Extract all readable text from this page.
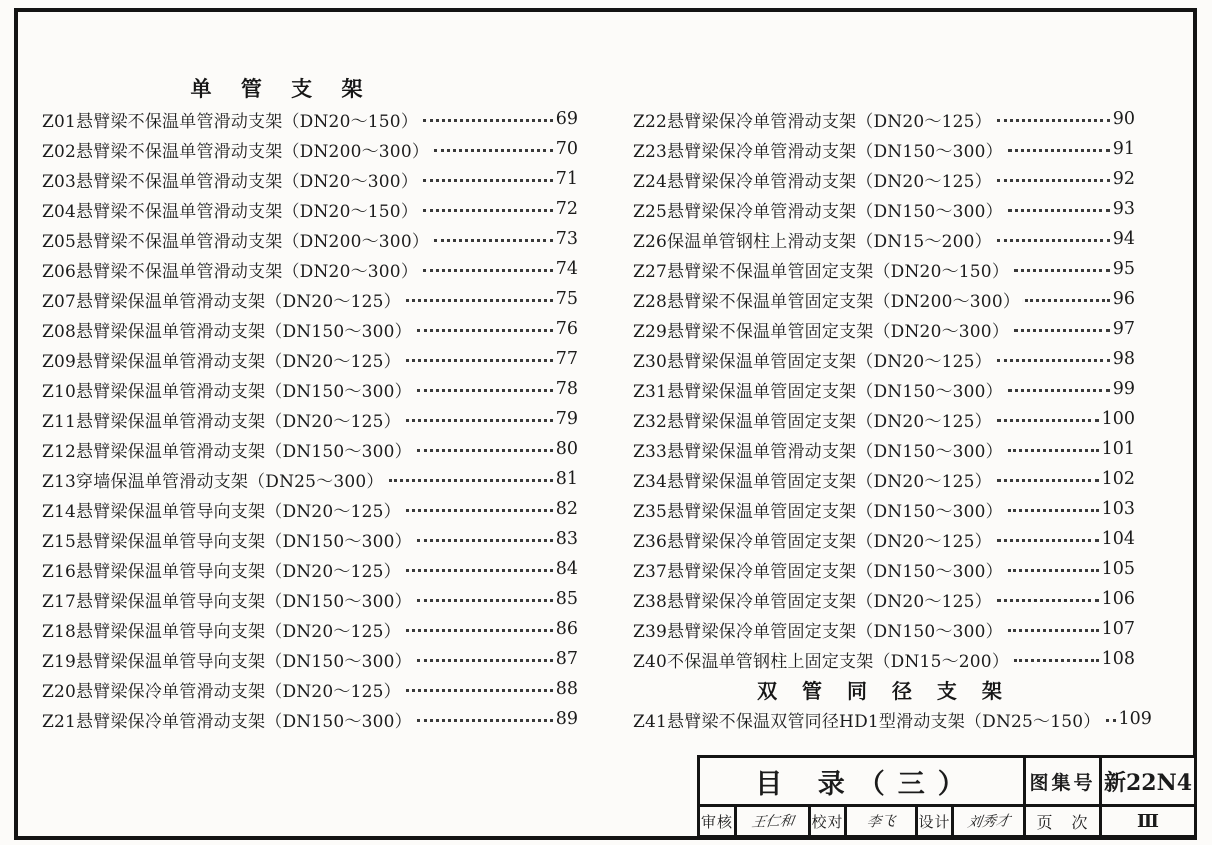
单 管 支 架
Z01悬臂梁不保温单管滑动支架（DN20～150）	69
Z02悬臂梁不保温单管滑动支架（DN200～300）	70
Z03悬臂梁不保温单管滑动支架（DN20～300）	71
Z04悬臂梁不保温单管滑动支架（DN20～150）	72
Z05悬臂梁不保温单管滑动支架（DN200～300）	73
Z06悬臂梁不保温单管滑动支架（DN20～300）	74
Z07悬臂梁保温单管滑动支架（DN20～125）	75
Z08悬臂梁保温单管滑动支架（DN150～300）	76
Z09悬臂梁保温单管滑动支架（DN20～125）	77
Z10悬臂梁保温单管滑动支架（DN150～300）	78
Z11悬臂梁保温单管滑动支架（DN20～125）	79
Z12悬臂梁保温单管滑动支架（DN150～300）	80
Z13穿墙保温单管滑动支架（DN25～300）	81
Z14悬臂梁保温单管导向支架（DN20～125）	82
Z15悬臂梁保温单管导向支架（DN150～300）	83
Z16悬臂梁保温单管导向支架（DN20～125）	84
Z17悬臂梁保温单管导向支架（DN150～300）	85
Z18悬臂梁保温单管导向支架（DN20～125）	86
Z19悬臂梁保温单管导向支架（DN150～300）	87
Z20悬臂梁保冷单管滑动支架（DN20～125）	88
Z21悬臂梁保冷单管滑动支架（DN150～300）	89
Z22悬臂梁保冷单管滑动支架（DN20～125）	90
Z23悬臂梁保冷单管滑动支架（DN150～300）	91
Z24悬臂梁保冷单管滑动支架（DN20～125）	92
Z25悬臂梁保冷单管滑动支架（DN150～300）	93
Z26保温单管钢柱上滑动支架（DN15～200）	94
Z27悬臂梁不保温单管固定支架（DN20～150）	95
Z28悬臂梁不保温单管固定支架（DN200～300）	96
Z29悬臂梁不保温单管固定支架（DN20～300）	97
Z30悬臂梁保温单管固定支架（DN20～125）	98
Z31悬臂梁保温单管固定支架（DN150～300）	99
Z32悬臂梁保温单管固定支架（DN20～125）	100
Z33悬臂梁保温单管滑动支架（DN150～300）	101
Z34悬臂梁保温单管固定支架（DN20～125）	102
Z35悬臂梁保温单管固定支架（DN150～300）	103
Z36悬臂梁保冷单管固定支架（DN20～125）	104
Z37悬臂梁保冷单管固定支架（DN150～300）	105
Z38悬臂梁保冷单管固定支架（DN20～125）	106
Z39悬臂梁保冷单管固定支架（DN150～300）	107
Z40不保温单管钢柱上固定支架（DN15～200）	108
双 管 同 径 支 架
Z41悬臂梁不保温双管同径HD1型滑动支架（DN25～150） 109
目 录（三）	图集号 新22N4
审核 王仁和 校对 李飞 设计 刘秀才	页 次	Ⅲ
